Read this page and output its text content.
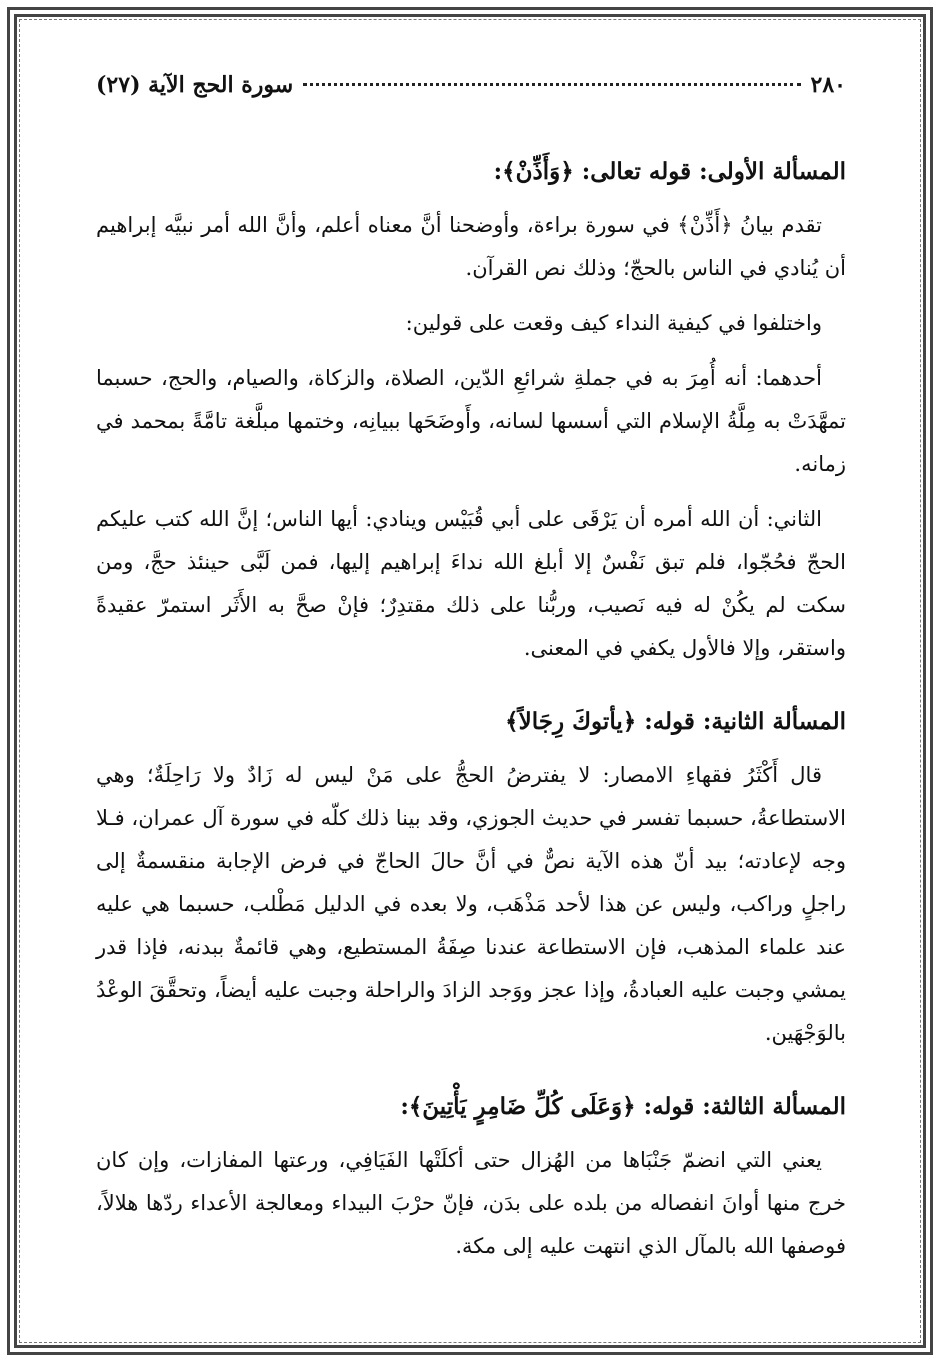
٢٨٠
سورة الحج الآية (٢٧)
المسألة الأولى: قوله تعالى: ﴿وَأَذِّنْ﴾:

تقدم بيانُ ﴿أَذِّنْ﴾ في سورة براءة، وأوضحنا أنَّ معناه أعلم، وأنَّ الله أمر نبيَّه إبراهيم أن يُنادي في الناس بالحجّ؛ وذلك نص القرآن.

واختلفوا في كيفية النداء كيف وقعت على قولين:

أحدهما: أنه أُمِرَ به في جملةِ شرائعِ الدّين، الصلاة، والزكاة، والصيام، والحج، حسبما تمهَّدَتْ به مِلَّةُ الإسلام التي أسسها لسانه، وأَوضَحَها ببيانِه، وختمها مبلَّغة تامَّةً بمحمد في زمانه.

الثاني: أن الله أمره أن يَرْقَى على أبي قُبَيْس وينادي: أيها الناس؛ إنَّ الله كتب عليكم الحجّ فحُجّوا، فلم تبق نَفْسٌ إلا أبلغ الله نداءَ إبراهيم إليها، فمن لَبَّى حينئذ حجَّ، ومن سكت لم يكُنْ له فيه نَصيب، وربُّنا على ذلك مقتدِرٌ؛ فإنْ صحَّ به الأَثَر استمرّ عقيدةً واستقر، وإلا فالأول يكفي في المعنى.

المسألة الثانية: قوله: ﴿يأتوكَ رِجَالاً﴾

قال أَكْثَرُ فقهاءِ الامصار: لا يفترضُ الحجُّ على مَنْ ليس له زَادٌ ولا رَاحِلَةٌ؛ وهي الاستطاعةُ، حسبما تفسر في حديث الجوزي، وقد بينا ذلك كلّه في سورة آل عمران، فـلا وجه لإعادته؛ بيد أنّ هذه الآية نصٌّ في أنَّ حالَ الحاجّ في فرض الإجابة منقسمةٌ إلى راجلٍ وراكب، وليس عن هذا لأحد مَذْهَب، ولا بعده في الدليل مَطْلب، حسبما هي عليه عند علماء المذهب، فإن الاستطاعة عندنا صِفَةُ المستطيع، وهي قائمةٌ ببدنه، فإذا قدر يمشي وجبت عليه العبادةُ، وإذا عجز ووَجد الزادَ والراحلة وجبت عليه أيضاً، وتحقَّقَ الوعْدُ بالوَجْهَين.

المسألة الثالثة: قوله: ﴿وَعَلَى كُلِّ ضَامِرٍ يَأْتِينَ﴾:

يعني التي انضمّ جَنْبَاها من الهُزال حتى أكلَتْها الفَيَافِي، ورعتها المفازات، وإن كان خرج منها أوانَ انفصاله من بلده على بدَن، فإنّ حرْبَ البيداء ومعالجة الأعداء ردّها هلالاً، فوصفها الله بالمآل الذي انتهت عليه إلى مكة.
